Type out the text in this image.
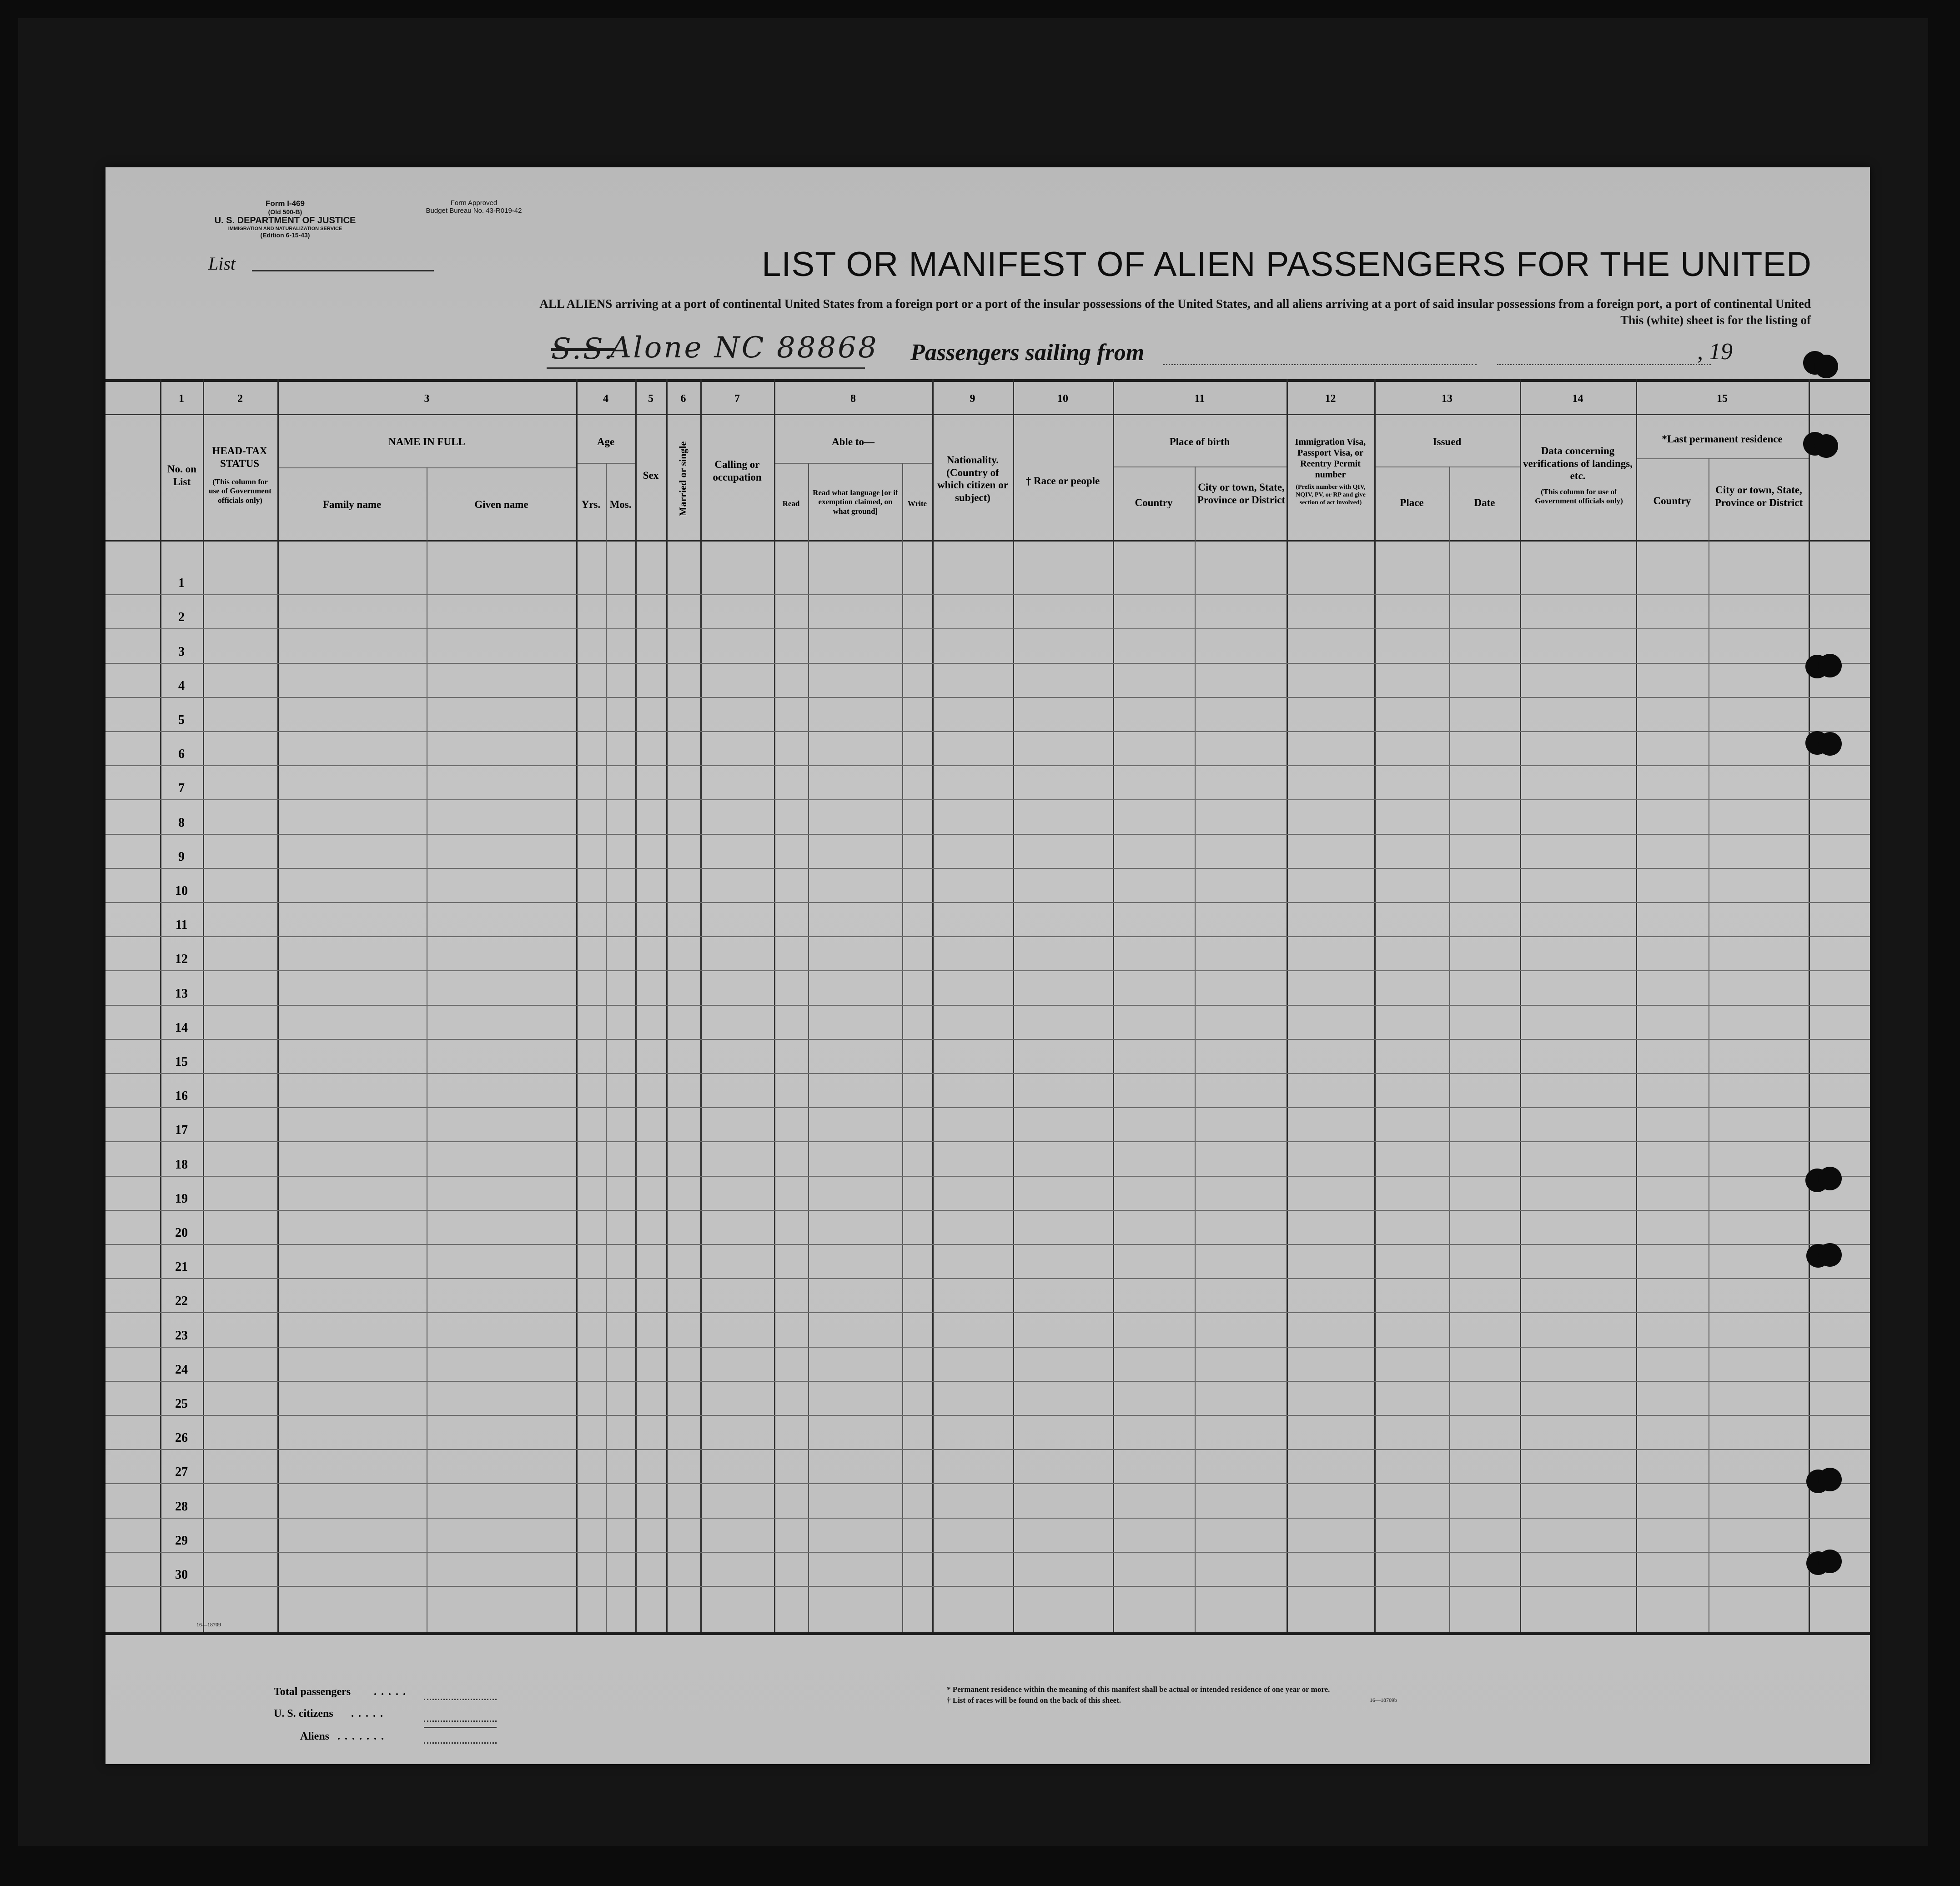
Form I-469
(Old 500-B)
U. S. DEPARTMENT OF JUSTICE
IMMIGRATION AND NATURALIZATION SERVICE
(Edition 6-15-43)
Form Approved
Budget Bureau No. 43-R019-42
List	LIST OR MANIFEST OF ALIEN PASSENGERS FOR THE UNITED
ALL ALIENS arriving at a port of continental United States from a foreign port or a port of the insular possessions of the United States, and all aliens arriving at a port of said insular possessions from a foreign port, a port of continental United
This (white) sheet is for the listing of
S.S.
Alone NC 88868 Passengers sailing from	, 19
1	2	3	4	5	6	7	8	9	10	11	12	13	14	15
No. on List
HEAD-TAX STATUS
(This column for use of Government officials only)
NAME IN FULL
Family name	Given name
Age
Yrs. Mos.
Sex	Married or single	Calling or occupation
Able to—
Read
Read what language [or if exemption claimed, on what ground]
Write
Nationality. (Country of which citizen or subject)
† Race or people
Place of birth
Country
City or town, State, Province or District
Immigration Visa, Passport Visa, or Reentry Permit number
(Prefix number with QIV, NQIV, PV, or RP and give section of act involved)
Issued
Place	Date
Data concerning verifications of landings, etc.
(This column for use of Government officials only)
*Last permanent residence
Country
City or town, State, Province or District
1
2
3
4
5
6
7
8
9
10
11
12
13
14
15
16
17
18
19
20
21
22
23
24
25
26
27
28
29
30
16—18709
Total passengers .....
U. S. citizens .....
Aliens .......
* Permanent residence within the meaning of this manifest shall be actual or intended residence of one year or more.
† List of races will be found on the back of this sheet.	16—18709b
